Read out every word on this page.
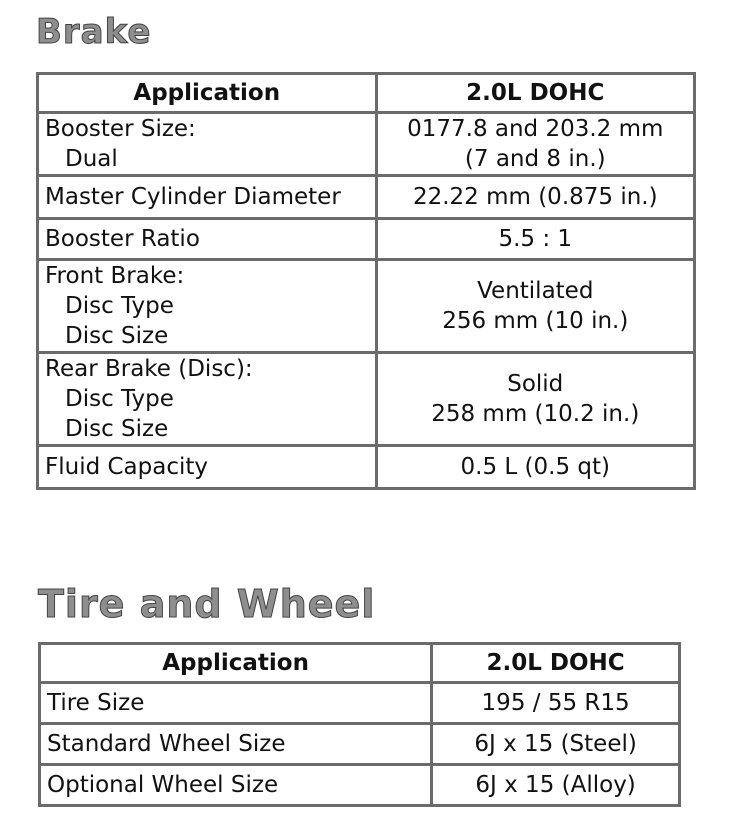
Brake
Application	2.0L DOHC

Booster Size:
Dual	0177.8 and 203.2 mm
(7 and 8 in.)

Master Cylinder Diameter	22.22 mm (0.875 in.)
Booster Ratio	5.5 : 1

Front Brake:
Disc Type
Disc Size	Ventilated
256 mm (10 in.)

Rear Brake (Disc):
Disc Type
Disc Size	Solid
258 mm (10.2 in.)

Fluid Capacity	0.5 L (0.5 qt)
Tire and Wheel
Application	2.0L DOHC
Tire Size	195 / 55 R15
Standard Wheel Size	6J x 15 (Steel)
Optional Wheel Size	6J x 15 (Alloy)
